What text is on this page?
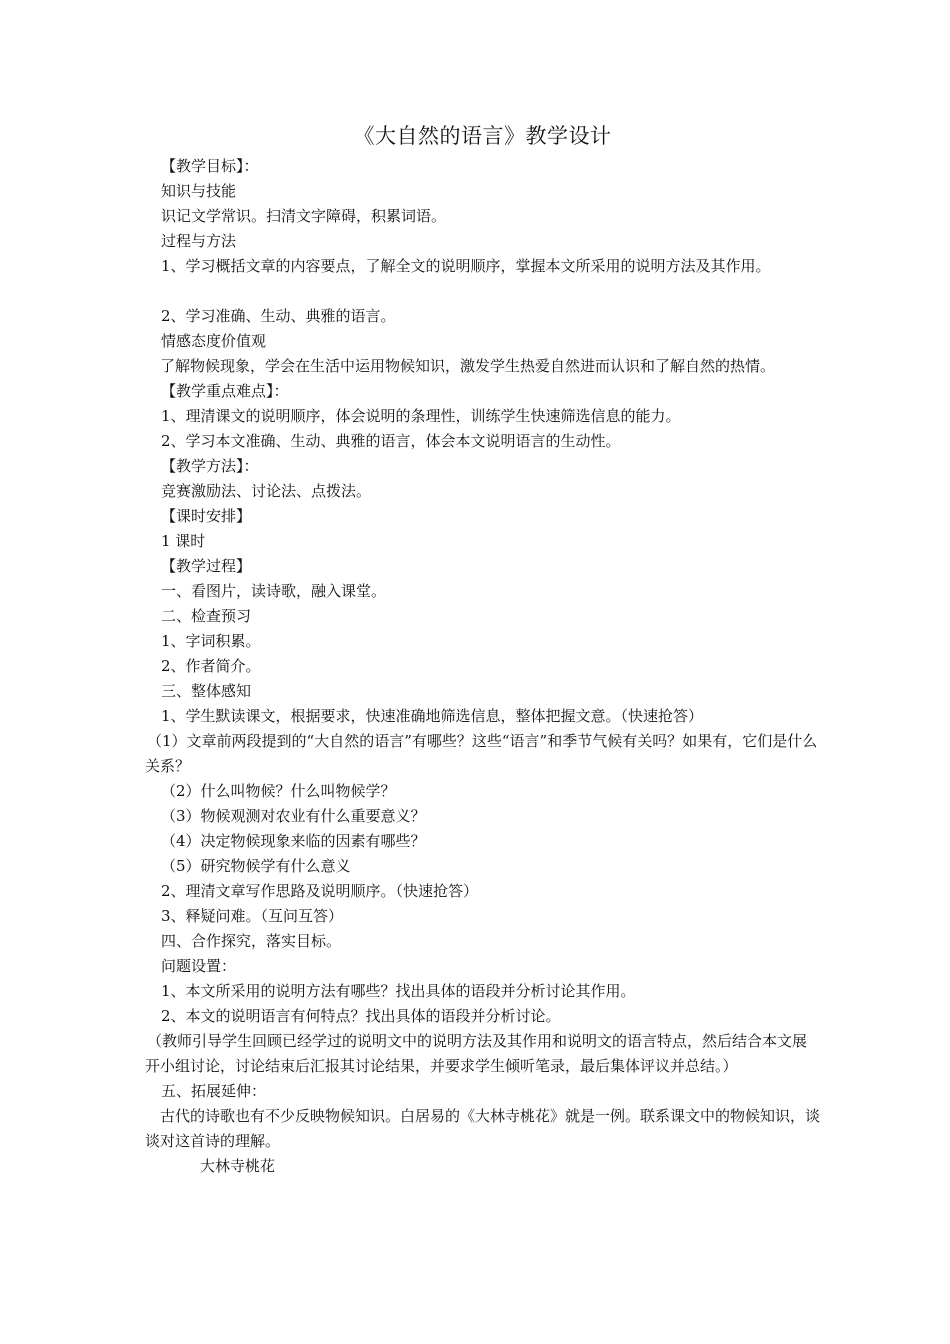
《大自然的语言》教学设计

【教学目标】：

知识与技能

识记文学常识。扫清文字障碍，积累词语。

过程与方法

1、学习概括文章的内容要点，了解全文的说明顺序，掌握本文所采用的说明方法及其作用。

2、学习准确、生动、典雅的语言。

情感态度价值观

了解物候现象，学会在生活中运用物候知识，激发学生热爱自然进而认识和了解自然的热情。

【教学重点难点】：

1、理清课文的说明顺序，体会说明的条理性，训练学生快速筛选信息的能力。

2、学习本文准确、生动、典雅的语言，体会本文说明语言的生动性。

【教学方法】：

竞赛激励法、讨论法、点拨法。

【课时安排】

1 课时

【教学过程】

一、看图片，读诗歌，融入课堂。

二、检查预习

1、字词积累。

2、作者简介。

三、整体感知

1、学生默读课文，根据要求，快速准确地筛选信息，整体把握文意。（快速抢答）

（1）文章前两段提到的“大自然的语言”有哪些？这些“语言”和季节气候有关吗？如果有，它们是什么关系？

（2）什么叫物候？什么叫物候学？

（3）物候观测对农业有什么重要意义？

（4）决定物候现象来临的因素有哪些？

（5）研究物候学有什么意义

2、理清文章写作思路及说明顺序。（快速抢答）

3、释疑问难。（互问互答）

四、合作探究，落实目标。

问题设置：

1、本文所采用的说明方法有哪些？找出具体的语段并分析讨论其作用。

2、本文的说明语言有何特点？找出具体的语段并分析讨论。

（教师引导学生回顾已经学过的说明文中的说明方法及其作用和说明文的语言特点，然后结合本文展开小组讨论，讨论结束后汇报其讨论结果，并要求学生倾听笔录，最后集体评议并总结。）

五、拓展延伸：

古代的诗歌也有不少反映物候知识。白居易的《大林寺桃花》就是一例。联系课文中的物候知识，谈谈对这首诗的理解。

大林寺桃花
